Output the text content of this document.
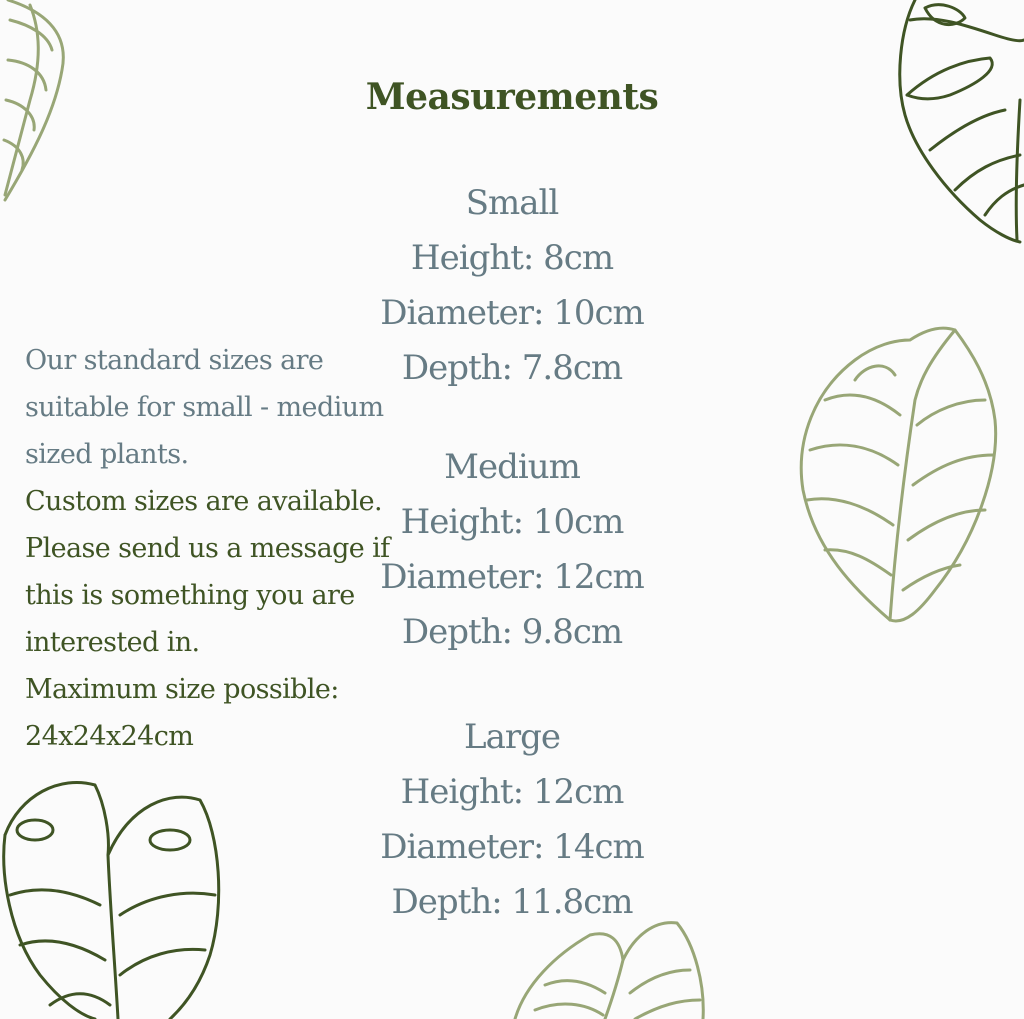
Measurements
Small
Height: 8cm
Diameter: 10cm
Depth: 7.8cm
Medium
Height: 10cm
Diameter: 12cm
Depth: 9.8cm
Large
Height: 12cm
Diameter: 14cm
Depth: 11.8cm
Our standard sizes are
suitable for small - medium
sized plants.
Custom sizes are available.
Please send us a message if
this is something you are
interested in.
Maximum size possible:
24x24x24cm
